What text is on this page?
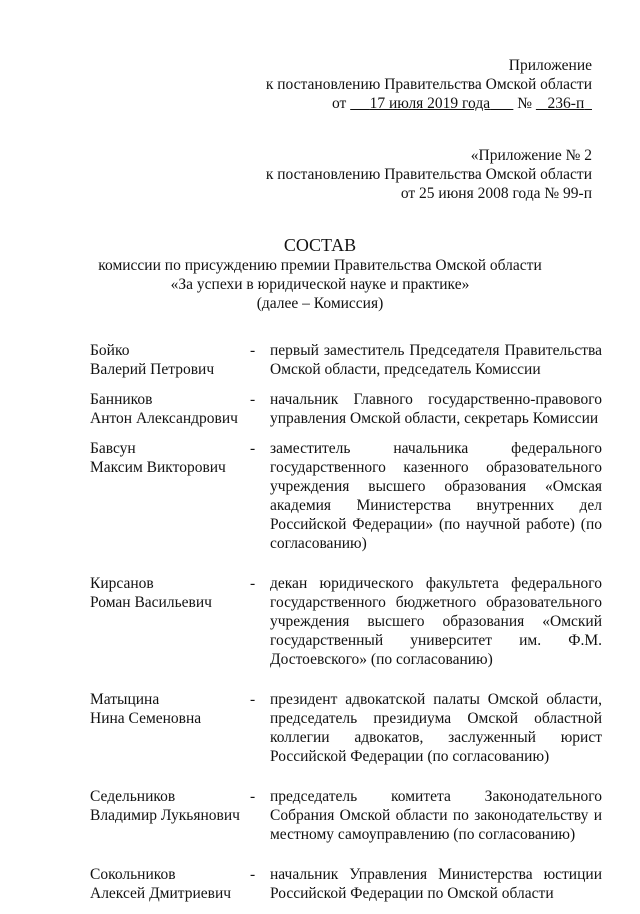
Приложение
к постановлению Правительства Омской области
от 17 июля 2019 года № 236-п
«Приложение № 2
к постановлению Правительства Омской области
от 25 июня 2008 года № 99-п
СОСТАВ
комиссии по присуждению премии Правительства Омской области
«За успехи в юридической науке и практике»
(далее – Комиссия)
Бойко
Валерий Петрович
- первый заместитель Председателя Правительства Омской области, председатель Комиссии
Банников
Антон Александрович
- начальник Главного государственно-правового управления Омской области, секретарь Комиссии
Бавсун
Максим Викторович
- заместитель начальника федерального государственного казенного образовательного учреждения высшего образования «Омская академия Министерства внутренних дел Российской Федерации» (по научной работе) (по согласованию)
Кирсанов
Роман Васильевич
- декан юридического факультета федерального государственного бюджетного образовательного учреждения высшего образования «Омский государственный университет им. Ф.М. Достоевского» (по согласованию)
Матыцина
Нина Семеновна
- президент адвокатской палаты Омской области, председатель президиума Омской областной коллегии адвокатов, заслуженный юрист Российской Федерации (по согласованию)
Седельников
Владимир Лукьянович
- председатель комитета Законодательного Собрания Омской области по законодательству и местному самоуправлению (по согласованию)
Сокольников
Алексей Дмитриевич
- начальник Управления Министерства юстиции Российской Федерации по Омской области
